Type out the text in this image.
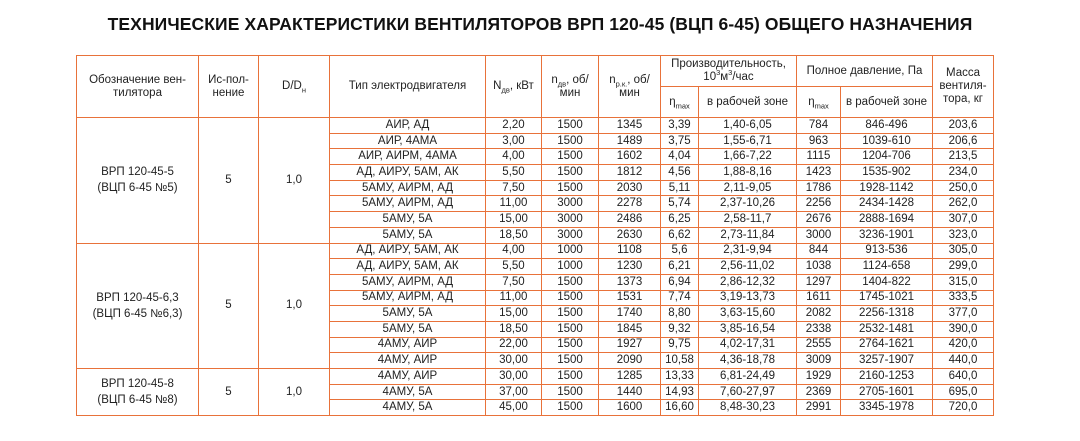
ТЕХНИЧЕСКИЕ ХАРАКТЕРИСТИКИ ВЕНТИЛЯТОРОВ ВРП 120-45 (ВЦП 6-45) ОБЩЕГО НАЗНАЧЕНИЯ
Обозначение вен-тилятора	Ис-пол-нение	$D/D_н$	Тип электродвигателя	$N_{дв}$, кВт	$n_{дв}$, об/мин	$n_{р.к.}$, об/мин	Производительность, $10^3м^3$/час		Полное давление, Па		Масса вентиля-тора, кг
							$\eta_{max}$	в рабочей зоне	$\eta_{max}$	в рабочей зоне	

ВРП 120-45-5
(ВЦП 6-45 №5)	5	1,0	АИР, АД	2,20	1500	1345	3,39	1,40-6,05	784	846-496	203,6
			АИР, 4АМА	3,00	1500	1489	3,75	1,55-6,71	963	1039-610	206,6
			АИР, АИРМ, 4АМА	4,00	1500	1602	4,04	1,66-7,22	1115	1204-706	213,5
			АД, АИРУ, 5АМ, АК	5,50	1500	1812	4,56	1,88-8,16	1423	1535-902	234,0
			5АМУ, АИРМ, АД	7,50	1500	2030	5,11	2,11-9,05	1786	1928-1142	250,0
			5АМУ, АИРМ, АД	11,00	3000	2278	5,74	2,37-10,26	2256	2434-1428	262,0
			5АМУ, 5А	15,00	3000	2486	6,25	2,58-11,7	2676	2888-1694	307,0
			5АМУ, 5А	18,50	3000	2630	6,62	2,73-11,84	3000	3236-1901	323,0

ВРП 120-45-6,3
(ВЦП 6-45 №6,3)	5	1,0	АД, АИРУ, 5АМ, АК	4,00	1000	1108	5,6	2,31-9,94	844	913-536	305,0
			АД, АИРУ, 5АМ, АК	5,50	1000	1230	6,21	2,56-11,02	1038	1124-658	299,0
			5АМУ, АИРМ, АД	7,50	1500	1373	6,94	2,86-12,32	1297	1404-822	315,0
			5АМУ, АИРМ, АД	11,00	1500	1531	7,74	3,19-13,73	1611	1745-1021	333,5
			5АМУ, 5А	15,00	1500	1740	8,80	3,63-15,60	2082	2256-1318	377,0
			5АМУ, 5А	18,50	1500	1845	9,32	3,85-16,54	2338	2532-1481	390,0
			4АМУ, АИР	22,00	1500	1927	9,75	4,02-17,31	2555	2764-1621	420,0
			4АМУ, АИР	30,00	1500	2090	10,58	4,36-18,78	3009	3257-1907	440,0

ВРП 120-45-8
(ВЦП 6-45 №8)	5	1,0	4АМУ, АИР	30,00	1500	1285	13,33	6,81-24,49	1929	2160-1253	640,0
			4АМУ, 5А	37,00	1500	1440	14,93	7,60-27,97	2369	2705-1601	695,0
			4АМУ, 5А	45,00	1500	1600	16,60	8,48-30,23	2991	3345-1978	720,0
